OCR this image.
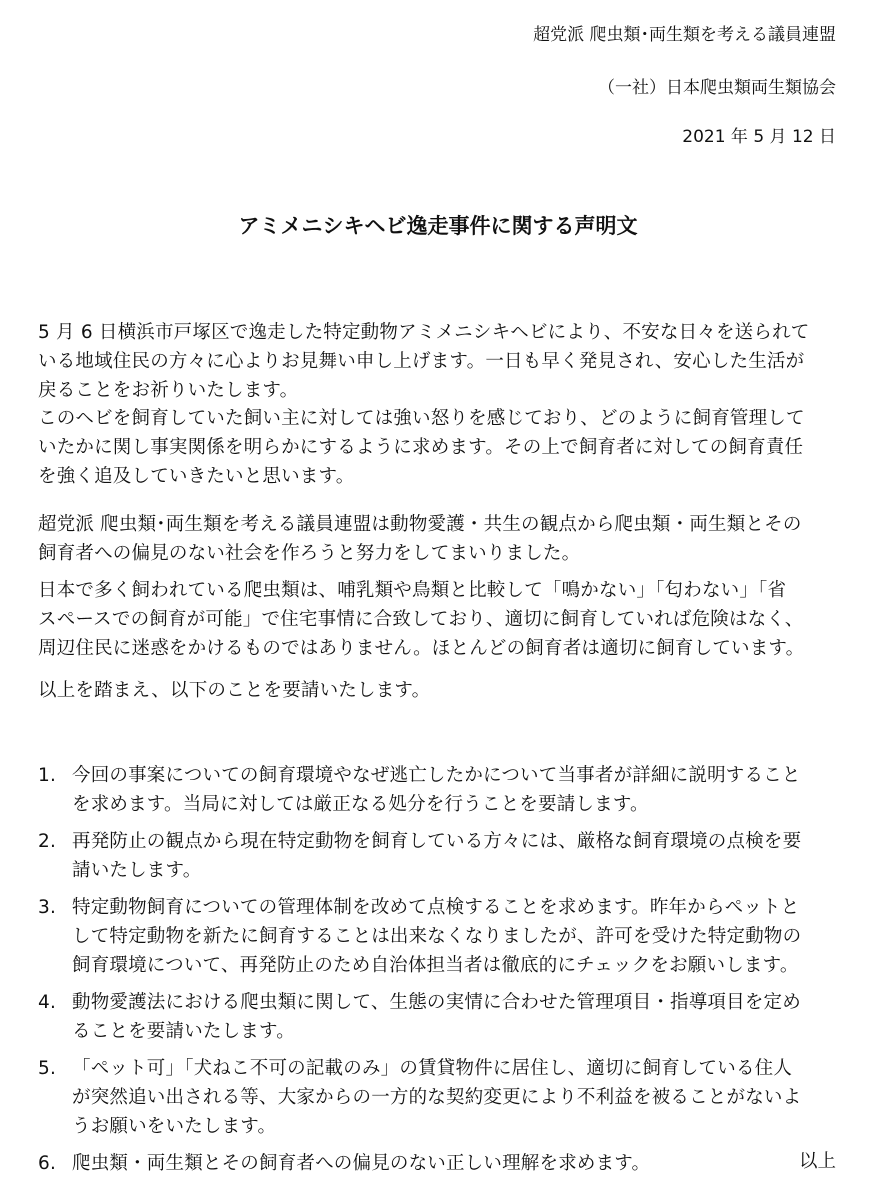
超党派 爬虫類･両生類を考える議員連盟
（一社）日本爬虫類両生類協会
2021 年 5 月 12 日
アミメニシキヘビ逸走事件に関する声明文
5 月 6 日横浜市戸塚区で逸走した特定動物アミメニシキヘビにより、不安な日々を送られて
いる地域住民の方々に心よりお見舞い申し上げます。一日も早く発見され、安心した生活が
戻ることをお祈りいたします。
このヘビを飼育していた飼い主に対しては強い怒りを感じており、どのように飼育管理して
いたかに関し事実関係を明らかにするように求めます。その上で飼育者に対しての飼育責任
を強く追及していきたいと思います。
超党派 爬虫類･両生類を考える議員連盟は動物愛護・共生の観点から爬虫類・両生類とその
飼育者への偏見のない社会を作ろうと努力をしてまいりました。
日本で多く飼われている爬虫類は、哺乳類や鳥類と比較して「鳴かない」「匂わない」「省
スペースでの飼育が可能」で住宅事情に合致しており、適切に飼育していれば危険はなく、
周辺住民に迷惑をかけるものではありません。ほとんどの飼育者は適切に飼育しています。
以上を踏まえ、以下のことを要請いたします。
1. 今回の事案についての飼育環境やなぜ逃亡したかについて当事者が詳細に説明すること
を求めます。当局に対しては厳正なる処分を行うことを要請します。
2. 再発防止の観点から現在特定動物を飼育している方々には、厳格な飼育環境の点検を要
請いたします。
3. 特定動物飼育についての管理体制を改めて点検することを求めます。昨年からペットと
して特定動物を新たに飼育することは出来なくなりましたが、許可を受けた特定動物の
飼育環境について、再発防止のため自治体担当者は徹底的にチェックをお願いします。
4. 動物愛護法における爬虫類に関して、生態の実情に合わせた管理項目・指導項目を定め
ることを要請いたします。
5. 「ペット可」「犬ねこ不可の記載のみ」の賃貸物件に居住し、適切に飼育している住人
が突然追い出される等、大家からの一方的な契約変更により不利益を被ることがないよ
うお願いをいたします。
6. 爬虫類・両生類とその飼育者への偏見のない正しい理解を求めます。	以上
